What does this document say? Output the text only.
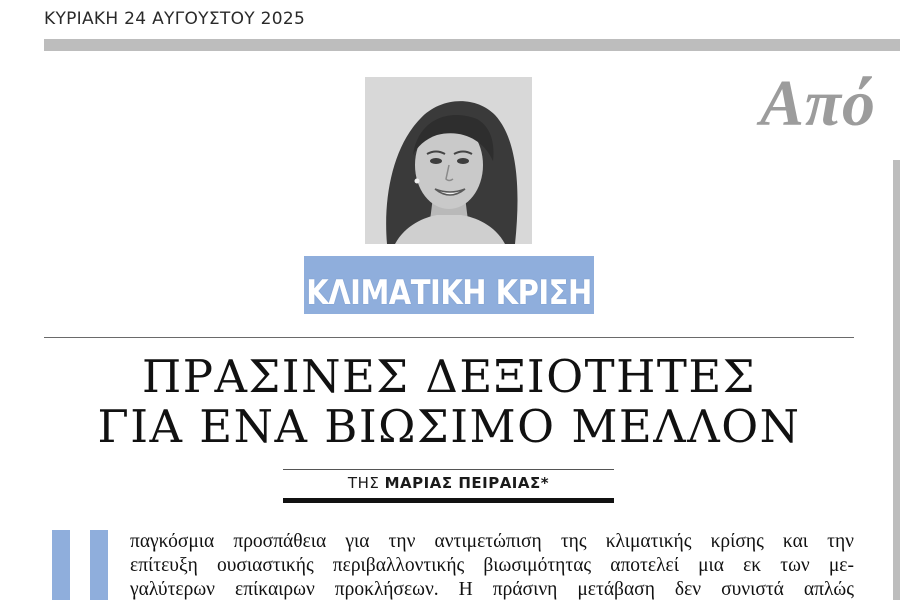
ΚΥΡΙΑΚΗ 24 ΑΥΓΟΥΣΤΟΥ 2025
Από
ΚΛΙΜΑΤΙΚΗ ΚΡΙΣΗ
ΠΡΑΣΙΝΕΣ ΔΕΞΙΟΤΗΤΕΣ
ΓΙΑ ΕΝΑ ΒΙΩΣΙΜΟ ΜΕΛΛΟΝ
ΤΗΣ ΜΑΡΙΑΣ ΠΕΙΡΑΙΑΣ*
παγκόσμια προσπάθεια για την αντιμετώπιση της κλιματικής κρίσης και την
επίτευξη ουσιαστικής περιβαλλοντικής βιωσιμότητας αποτελεί μια εκ των με-
γαλύτερων επίκαιρων προκλήσεων. Η πράσινη μετάβαση δεν συνιστά απλώς
